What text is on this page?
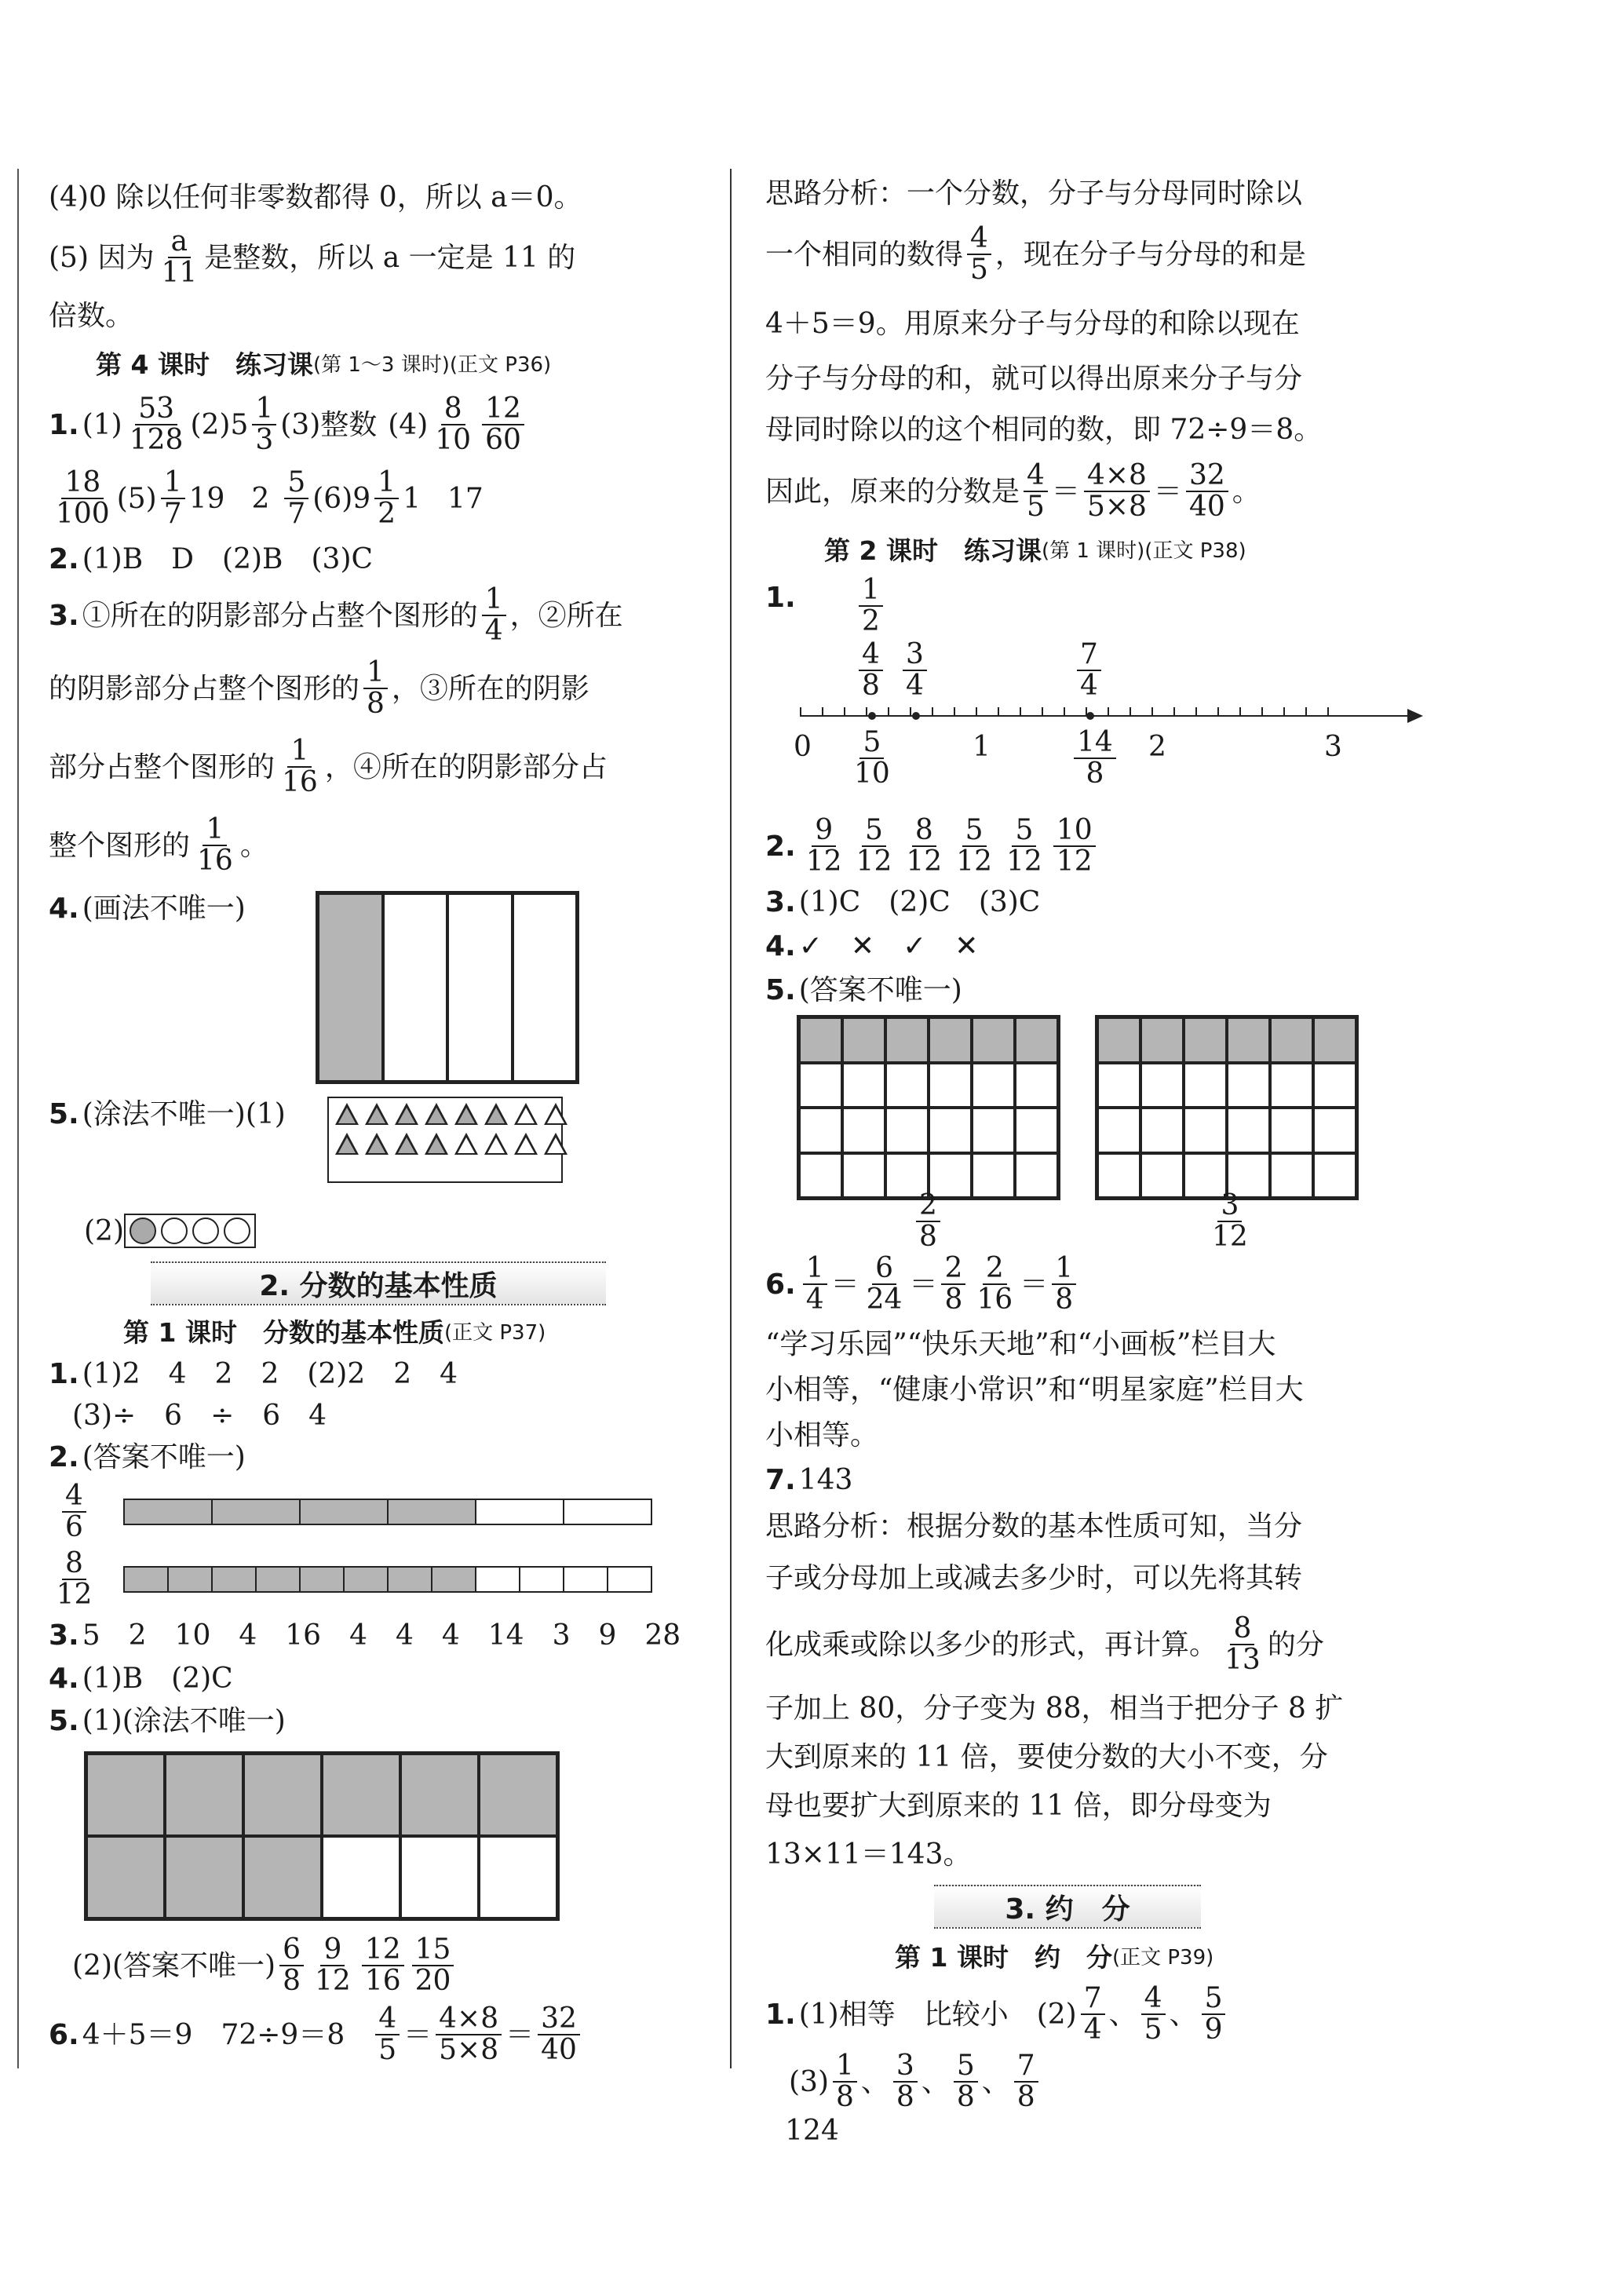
(4)0 除以任何非零数都得 0，所以 a＝0。

(5) 因为 $\frac{a}{11}$ 是整数，所以 a 一定是 11 的

倍数。

第 4 课时　练习课 (第 1～3 课时)(正文 P36)

1. $(1) \frac{53}{128} (2)5 \frac{1}{3} (3)$整数 $(4) \frac{8}{10} \frac{12}{60}$
$\frac{18}{100} (5) \frac{1}{7} 19$ $2 \frac{5}{7} (6)9 \frac{1}{2} 1$ 17
2. (1)B　D　(2)B　(3)C
3. ①所在的阴影部分占整个图形的 $\frac{1}{4}$ ，②所在
的阴影部分占整个图形的 $\frac{1}{8}$ ，③所在的阴影
部分占整个图形的 $\frac{1}{16}$ ，④所在的阴影部分占
整个图形的 $\frac{1}{16}$ 。
4. (画法不唯一)
5. (涂法不唯一)(1)
(2)
2. 分数的基本性质

第 1 课时　分数的基本性质 (正文 P37)

1. (1)2　4　2　2　(2)2　2　4
(3)÷　6　÷　6　4
2. (答案不唯一)
$\frac{4}{6}$
$\frac{8}{12}$
3. 5　2　10　4　16　4　4　4　14　3　9　28
4. (1)B　(2)C
5. (1)(涂法不唯一)
(2)(答案不唯一) $\frac{6}{8} \frac{9}{12} \frac{12}{16} \frac{15}{20}$
6. 4＋5＝9　$72\div 9=8 \frac{4}{5} = \frac{4\times 8}{5\times 8} = \frac{32}{40}$

思路分析：一个分数，分子与分母同时除以

一个相同的数得 $\frac{4}{5}$ ，现在分子与分母的和是

4＋5＝9。用原来分子与分母的和除以现在

分子与分母的和，就可以得出原来分子与分

母同时除以的这个相同的数，即 72÷9＝8。

因此，原来的分数是 $\frac{4}{5} = \frac{4\times 8}{5\times 8} = \frac{32}{40}$ 。

第 2 课时　练习课 (第 1 课时)(正文 P38)

1.
0	1	2	3
$\frac{1}{2}$
$\frac{4}{8} \frac{3}{4}$	$\frac{7}{4}$
$\frac{5}{10}$	$\frac{14}{8}$
2. $\frac{9}{12} \frac{5}{12} \frac{8}{12} \frac{5}{12} \frac{5}{12} \frac{10}{12}$
3. (1)C　(2)C　(3)C
4. ✓　✕　✓　✕
5. (答案不唯一)
$\frac{2}{8}$	$\frac{3}{12}$
6. $\frac{1}{4} = \frac{6}{24} = \frac{2}{8} \frac{2}{16} = \frac{1}{8}$

“学习乐园”“快乐天地”和“小画板”栏目大

小相等，“健康小常识”和“明星家庭”栏目大

小相等。

7. 143

思路分析：根据分数的基本性质可知，当分

子或分母加上或减去多少时，可以先将其转

化成乘或除以多少的形式，再计算。 $\frac{8}{13}$ 的分

子加上 80，分子变为 88，相当于把分子 8 扩

大到原来的 11 倍，要使分数的大小不变，分

母也要扩大到原来的 11 倍，即分母变为

13×11＝143。

3. 约　分

第 1 课时　约　分 (正文 P39)

1. (1)相等　比较小　$(2) \frac{7}{4}$ 、 $\frac{4}{5}$ 、 $\frac{5}{9}$
$(3) \frac{1}{8}$ 、 $\frac{3}{8}$ 、 $\frac{5}{8}$ 、 $\frac{7}{8}$
124
